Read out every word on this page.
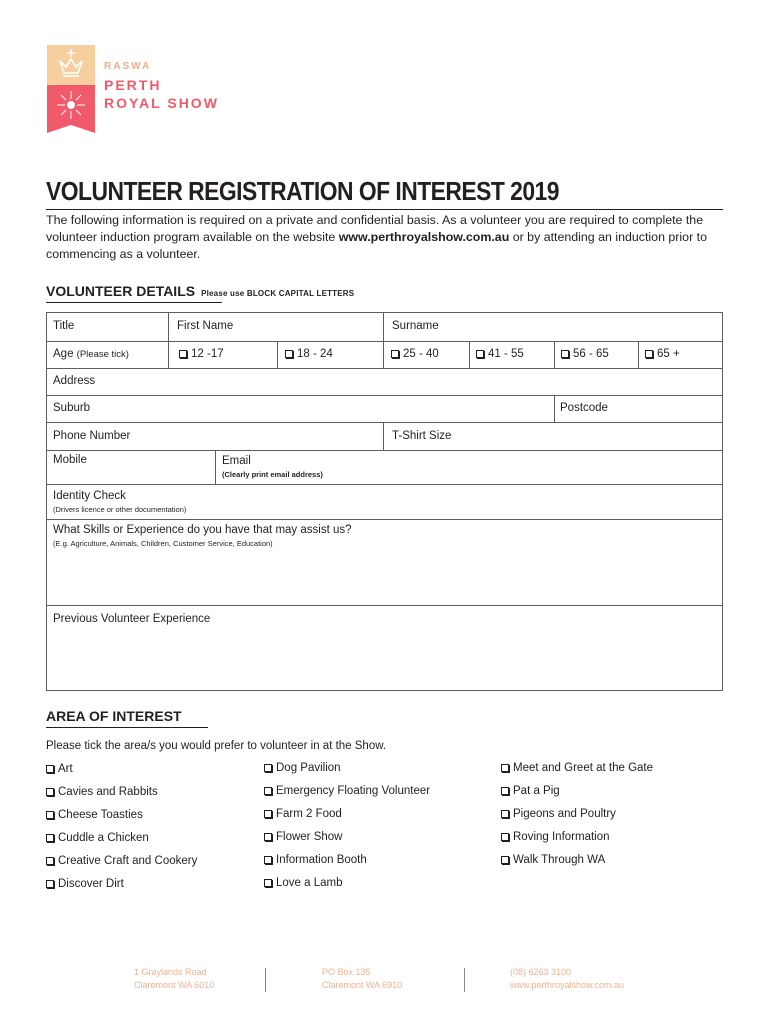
RASWA
PERTH
ROYAL SHOW
VOLUNTEER REGISTRATION OF INTEREST 2019
The following information is required on a private and confidential basis. As a volunteer you are required to complete the volunteer induction program available on the website www.perthroyalshow.com.au or by attending an induction prior to commencing as a volunteer.
VOLUNTEER DETAILS Please use BLOCK CAPITAL LETTERS
Title	First Name	Surname
Age (Please tick)	12 -17	18 - 24	25 - 40	41 - 55	56 - 65	65 +
Address
Suburb	Postcode
Phone Number	T-Shirt Size
Mobile	Email
(Clearly print email address)
Identity Check
(Drivers licence or other documentation)
What Skills or Experience do you have that may assist us?
(E.g. Agriculture, Animals, Children, Customer Service, Education)
Previous Volunteer Experience
AREA OF INTEREST
Please tick the area/s you would prefer to volunteer in at the Show.
Art
Cavies and Rabbits
Cheese Toasties
Cuddle a Chicken
Creative Craft and Cookery
Discover Dirt
Dog Pavilion
Emergency Floating Volunteer
Farm 2 Food
Flower Show
Information Booth
Love a Lamb
Meet and Greet at the Gate
Pat a Pig
Pigeons and Poultry
Roving Information
Walk Through WA
1 Graylands Road
Claremont WA 6010
PO Box 135
Claremont WA 6910
(08) 6263 3100
www.perthroyalshow.com.au
